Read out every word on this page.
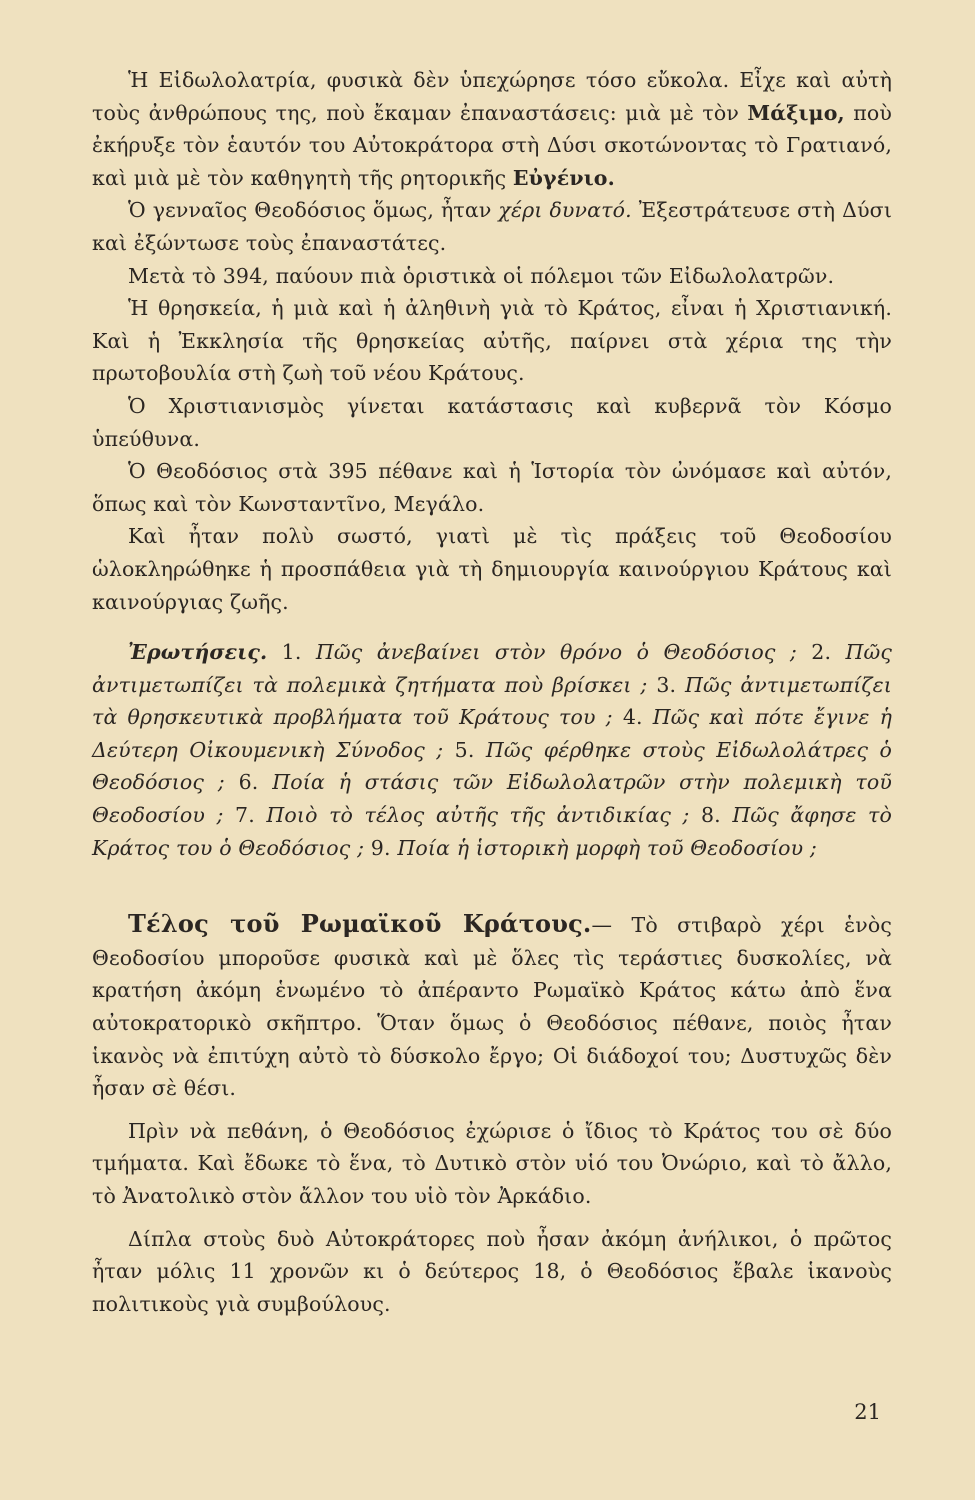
Ἡ Εἰδωλολατρία, φυσικὰ δὲν ὑπεχώρησε τόσο εὔκολα. Εἶχε καὶ αὐτὴ τοὺς ἀνθρώπους της, ποὺ ἔκαμαν ἐπαναστάσεις: μιὰ μὲ τὸν Μάξιμο, ποὺ ἐκήρυξε τὸν ἑαυτόν του Αὐτοκράτορα στὴ Δύσι σκοτώνοντας τὸ Γρατιανό, καὶ μιὰ μὲ τὸν καθηγητὴ τῆς ρητορικῆς Εὐγένιο.

Ὁ γενναῖος Θεοδόσιος ὅμως, ἦταν χέρι δυνατό. Ἐξεστράτευσε στὴ Δύσι καὶ ἐξώντωσε τοὺς ἐπαναστάτες.

Μετὰ τὸ 394, παύουν πιὰ ὁριστικὰ οἱ πόλεμοι τῶν Εἰδωλολατρῶν.

Ἡ θρησκεία, ἡ μιὰ καὶ ἡ ἀληθινὴ γιὰ τὸ Κράτος, εἶναι ἡ Χριστιανική. Καὶ ἡ Ἐκκλησία τῆς θρησκείας αὐτῆς, παίρνει στὰ χέρια της τὴν πρωτοβουλία στὴ ζωὴ τοῦ νέου Κράτους.

Ὁ Χριστιανισμὸς γίνεται κατάστασις καὶ κυβερνᾶ τὸν Κόσμο ὑπεύθυνα.

Ὁ Θεοδόσιος στὰ 395 πέθανε καὶ ἡ Ἱστορία τὸν ὠνόμασε καὶ αὐτόν, ὅπως καὶ τὸν Κωνσταντῖνο, Μεγάλο.

Καὶ ἦταν πολὺ σωστό, γιατὶ μὲ τὶς πράξεις τοῦ Θεοδοσίου ὡλοκληρώθηκε ἡ προσπάθεια γιὰ τὴ δημιουργία καινούργιου Κράτους καὶ καινούργιας ζωῆς.

Ἐρωτήσεις. 1. Πῶς ἀνεβαίνει στὸν θρόνο ὁ Θεοδόσιος ; 2. Πῶς ἀντιμετωπίζει τὰ πολεμικὰ ζητήματα ποὺ βρίσκει ; 3. Πῶς ἀντιμετωπίζει τὰ θρησκευτικὰ προβλήματα τοῦ Κράτους του ; 4. Πῶς καὶ πότε ἔγινε ἡ Δεύτερη Οἰκουμενικὴ Σύνοδος ; 5. Πῶς φέρθηκε στοὺς Εἰδωλολάτρες ὁ Θεοδόσιος ; 6. Ποία ἡ στάσις τῶν Εἰδωλολατρῶν στὴν πολεμικὴ τοῦ Θεοδοσίου ; 7. Ποιὸ τὸ τέλος αὐτῆς τῆς ἀντιδικίας ; 8. Πῶς ἄφησε τὸ Κράτος του ὁ Θεοδόσιος ; 9. Ποία ἡ ἱστορικὴ μορφὴ τοῦ Θεοδοσίου ;

Τέλος τοῦ Ρωμαϊκοῦ Κράτους.— Τὸ στιβαρὸ χέρι ἑνὸς Θεοδοσίου μποροῦσε φυσικὰ καὶ μὲ ὅλες τὶς τεράστιες δυσκολίες, νὰ κρατήση ἀκόμη ἑνωμένο τὸ ἀπέραντο Ρωμαϊκὸ Κράτος κάτω ἀπὸ ἕνα αὐτοκρατορικὸ σκῆπτρο. Ὅταν ὅμως ὁ Θεοδόσιος πέθανε, ποιὸς ἦταν ἱκανὸς νὰ ἐπιτύχη αὐτὸ τὸ δύσκολο ἔργο; Οἱ διάδοχοί του; Δυστυχῶς δὲν ἦσαν σὲ θέσι.

Πρὶν νὰ πεθάνη, ὁ Θεοδόσιος ἐχώρισε ὁ ἴδιος τὸ Κράτος του σὲ δύο τμήματα. Καὶ ἔδωκε τὸ ἕνα, τὸ Δυτικὸ στὸν υἱό του Ὀνώριο, καὶ τὸ ἄλλο, τὸ Ἀνατολικὸ στὸν ἄλλον του υἱὸ τὸν Ἀρκάδιο.

Δίπλα στοὺς δυὸ Αὐτοκράτορες ποὺ ἦσαν ἀκόμη ἀνήλικοι, ὁ πρῶτος ἦταν μόλις 11 χρονῶν κι ὁ δεύτερος 18, ὁ Θεοδόσιος ἔβαλε ἱκανοὺς πολιτικοὺς γιὰ συμβούλους.

21
